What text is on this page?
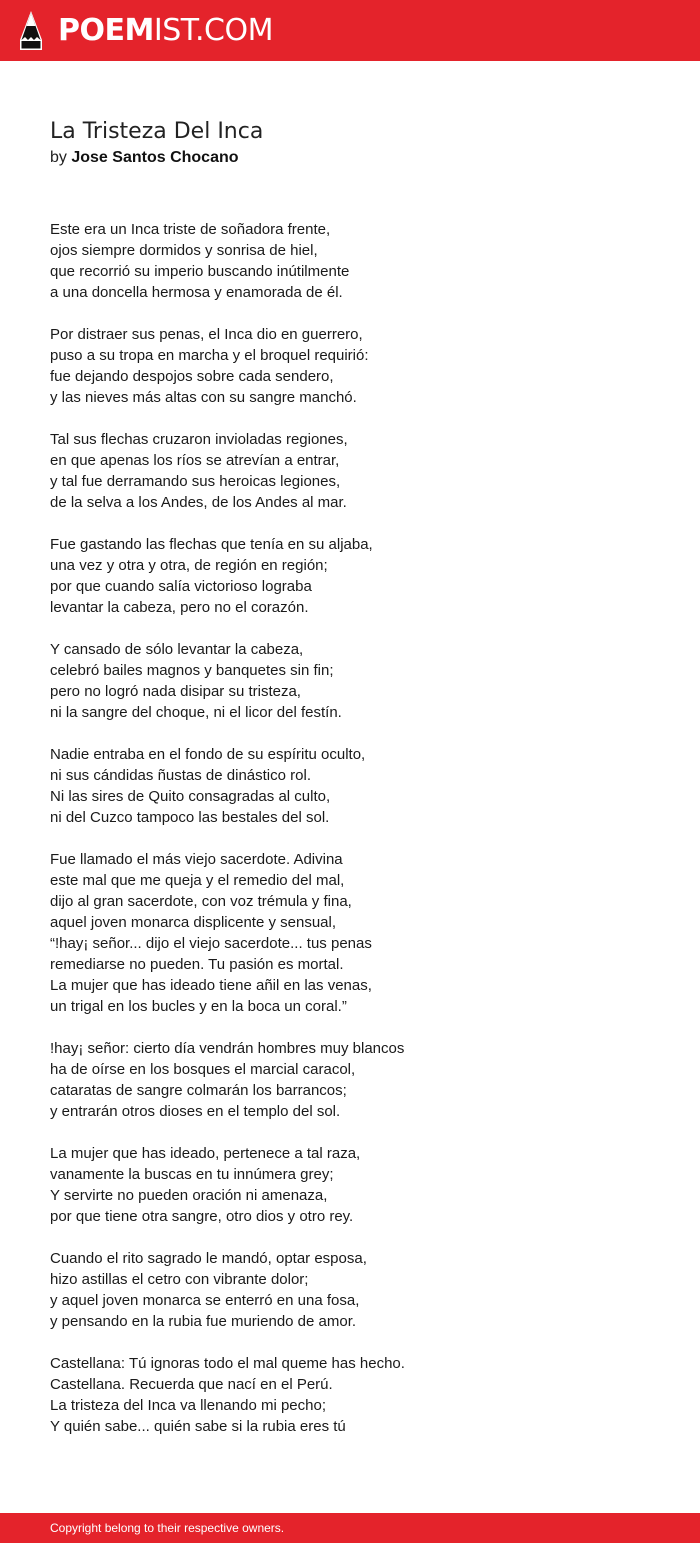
POEMIST.COM
La Tristeza Del Inca

by Jose Santos Chocano

Este era un Inca triste de soñadora frente,
ojos siempre dormidos y sonrisa de hiel,
que recorrió su imperio buscando inútilmente
a una doncella hermosa y enamorada de él.

Por distraer sus penas, el Inca dio en guerrero,
puso a su tropa en marcha y el broquel requirió:
fue dejando despojos sobre cada sendero,
y las nieves más altas con su sangre manchó.

Tal sus flechas cruzaron invioladas regiones,
en que apenas los ríos se atrevían a entrar,
y tal fue derramando sus heroicas legiones,
de la selva a los Andes, de los Andes al mar.

Fue gastando las flechas que tenía en su aljaba,
una vez y otra y otra, de región en región;
por que cuando salía victorioso lograba
levantar la cabeza, pero no el corazón.

Y cansado de sólo levantar la cabeza,
celebró bailes magnos y banquetes sin fin;
pero no logró nada disipar su tristeza,
ni la sangre del choque, ni el licor del festín.

Nadie entraba en el fondo de su espíritu oculto,
ni sus cándidas ñustas de dinástico rol.
Ni las sires de Quito consagradas al culto,
ni del Cuzco tampoco las bestales del sol.

Fue llamado el más viejo sacerdote. Adivina
este mal que me queja y el remedio del mal,
dijo al gran sacerdote, con voz trémula y fina,
aquel joven monarca displicente y sensual,
“!hay¡ señor... dijo el viejo sacerdote... tus penas
remediarse no pueden. Tu pasión es mortal.
La mujer que has ideado tiene añil en las venas,
un trigal en los bucles y en la boca un coral.”

!hay¡ señor: cierto día vendrán hombres muy blancos
ha de oírse en los bosques el marcial caracol,
cataratas de sangre colmarán los barrancos;
y entrarán otros dioses en el templo del sol.

La mujer que has ideado, pertenece a tal raza,
vanamente la buscas en tu innúmera grey;
Y servirte no pueden oración ni amenaza,
por que tiene otra sangre, otro dios y otro rey.

Cuando el rito sagrado le mandó, optar esposa,
hizo astillas el cetro con vibrante dolor;
y aquel joven monarca se enterró en una fosa,
y pensando en la rubia fue muriendo de amor.

Castellana: Tú ignoras todo el mal queme has hecho.
Castellana. Recuerda que nací en el Perú.
La tristeza del Inca va llenando mi pecho;
Y quién sabe... quién sabe si la rubia eres tú

Copyright belong to their respective owners.
